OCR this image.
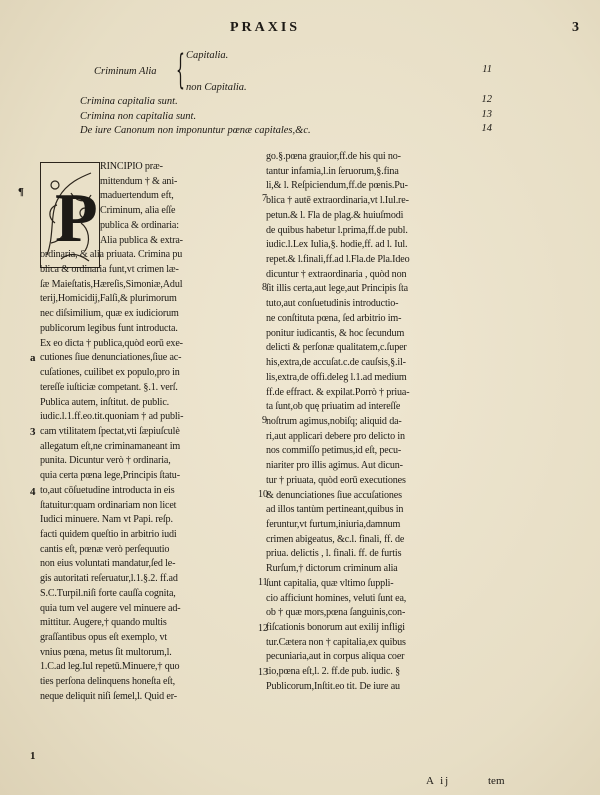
PRAXIS	3
Capitalia.
Criminum Alia { non Capitalia.
11
Crimina capitalia sunt.	12
Crimina non capitalia sunt.	13
De iure Canonum non imponuntur pœnæ capitales,&c.	14
P
¶
a
3
4
1
7
8
9
10
11
12
13
RINCIPIO præ-
mittendum † & ani-
maduertendum eft,
Criminum, alia eſſe
publica & ordinaria:
Alia publica & extra-
ordinaria, & alia priuata. Crimina pu
blica & ordinaria funt,vt crimen læ-
ſæ Maieſtatis,Hæreſis,Simoniæ,Adul
terij,Homicidij,Falſi,& plurimorum
nec diſsimilium, quæ ex iudiciorum
publicorum legibus funt introducta.
Ex eo dicta † publica,quòd eorū exe-
cutiones ſiue denunciationes,ſiue ac-
cuſationes, cuilibet ex populo,pro in
tereſſe iuſticiæ competant. §.1. verſ.
Publica autem, inſtitut. de public.
iudic.l.1.ff.eo.tit.quoniam † ad publi-
cam vtilitatem ſpectat,vti ſæpiuſculè
allegatum eſt,ne criminamaneant im
punita. Dicuntur verò † ordinaria,
quia certa pœna lege,Principis ſtatu-
to,aut cōſuetudine introducta in eis
ſtatuitur:quam ordinariam non licet
Iudici minuere. Nam vt Papi. reſp.
facti quidem queſtio in arbitrio iudi
cantis eſt, pœnæ verò perſequutio
non eius voluntati mandatur,ſed le-
gis autoritati reſeruatur,l.1.§.2. ff.ad
S.C.Turpil.niſi forte cauſſa cognita,
quia tum vel augere vel minuere ad-
mittitur. Augere,† quando multis
graſſantibus opus eſt exemplo, vt
vnius pœna, metus ſit multorum,l.
1.C.ad leg.Iul repetū.Minuere,† quo
ties perſona delinquens honeſta eſt,
neque deliquit niſi ſemel,l. Quid er-
go.§.pœna grauior,ff.de his qui no-
tantur infamia,l.in ſeruorum,§.fina
li,& l. Reſpiciendum,ff.de pœnis.Pu-
blica † autē extraordinaria,vt l.Iul.re-
petun.& l. Fla de plag.& huiuſmodi
de quibus habetur l.prima,ff.de publ.
iudic.l.Lex Iulia,§. hodie,ff. ad l. Iul.
repet.& l.finali,ff.ad l.Fla.de Pla.Ideo
dicuntur † extraordinaria , quòd non
ſit illis certa,aut lege,aut Principis ſta
tuto,aut conſuetudinis introductio-
ne conſtituta pœna, ſed arbitrio im-
ponitur iudicantis, & hoc ſecundum
delicti & perſonæ qualitatem,c.ſuper
his,extra,de accuſat.c.de cauſsis,§.il-
lis,extra,de offi.deleg l.1.ad medium
ff.de effract. & expilat.Porrò † priua-
ta ſunt,ob quę priuatim ad intereſſe
noſtrum agimus,nobiſq; aliquid da-
ri,aut applicari debere pro delicto in
nos commiſſo petimus,id eſt, pecu-
niariter pro illis agimus. Aut dicun-
tur † priuata, quòd eorū executiones
& denunciationes ſiue accuſationes
ad illos tantùm pertineant,quibus in
feruntur,vt furtum,iniuria,damnum
crimen abigeatus, &c.l. finali, ff. de
priua. delictis , l. finali. ff. de furtis
Rurſum,† dictorum criminum alia
ſunt capitalia, quæ vltimo ſuppli-
cio afficiunt homines, veluti ſunt ea,
ob † quæ mors,pœna ſanguinis,con-
fiſcationis bonorum aut exilij infligi
tur.Cætera non † capitalia,ex quibus
pecuniaria,aut in corpus aliqua coer
tio,pœna eſt,l. 2. ff.de pub. iudic. §
Publicorum,Inſtit.eo tit. De iure au
A ij	tem
